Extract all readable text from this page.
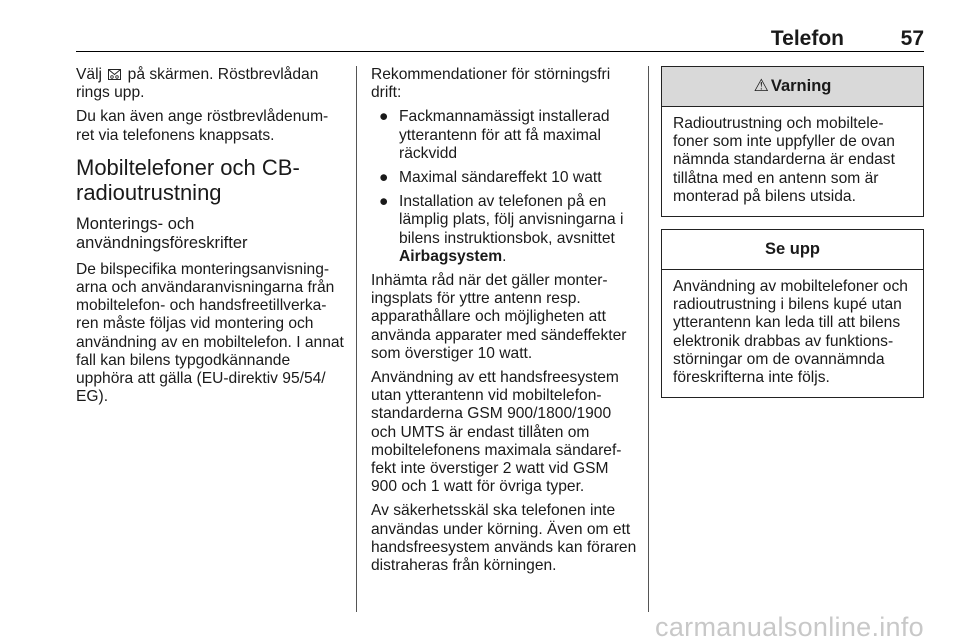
Telefon	57

Välj  på skärmen. Röstbrevlådan rings upp.

Du kan även ange röstbrevlådenum-ret via telefonens knappsats.

Mobiltelefoner och CB-radioutrustning
Monterings- och användningsföreskrifter

De bilspecifika monteringsanvisning-arna och användaranvisningarna från mobiltelefon- och handsfreetillverka-ren måste följas vid montering och användning av en mobiltelefon. I annat fall kan bilens typgodkännande upphöra att gälla (EU-direktiv 95/54/ EG).

Rekommendationer för störningsfri drift:

● Fackmannamässigt installerad ytterantenn för att få maximal räckvidd
● Maximal sändareffekt 10 watt
● Installation av telefonen på en lämplig plats, följ anvisningarna i bilens instruktionsbok, avsnittet Airbagsystem.

Inhämta råd när det gäller monter-ingsplats för yttre antenn resp. apparathållare och möjligheten att använda apparater med sändeffekter som överstiger 10 watt.

Användning av ett handsfreesystem utan ytterantenn vid mobiltelefon-standarderna GSM 900/1800/1900 och UMTS är endast tillåten om mobiltelefonens maximala sändaref-fekt inte överstiger 2 watt vid GSM 900 och 1 watt för övriga typer.

Av säkerhetsskäl ska telefonen inte användas under körning. Även om ett handsfreesystem används kan föraren distraheras från körningen.

⚠ Varning
Radioutrustning och mobiltele-foner som inte uppfyller de ovan nämnda standarderna är endast tillåtna med en antenn som är monterad på bilens utsida.
Se upp
Användning av mobiltelefoner och radioutrustning i bilens kupé utan ytterantenn kan leda till att bilens elektronik drabbas av funktions-störningar om de ovannämnda föreskrifterna inte följs.
carmanualsonline.info
